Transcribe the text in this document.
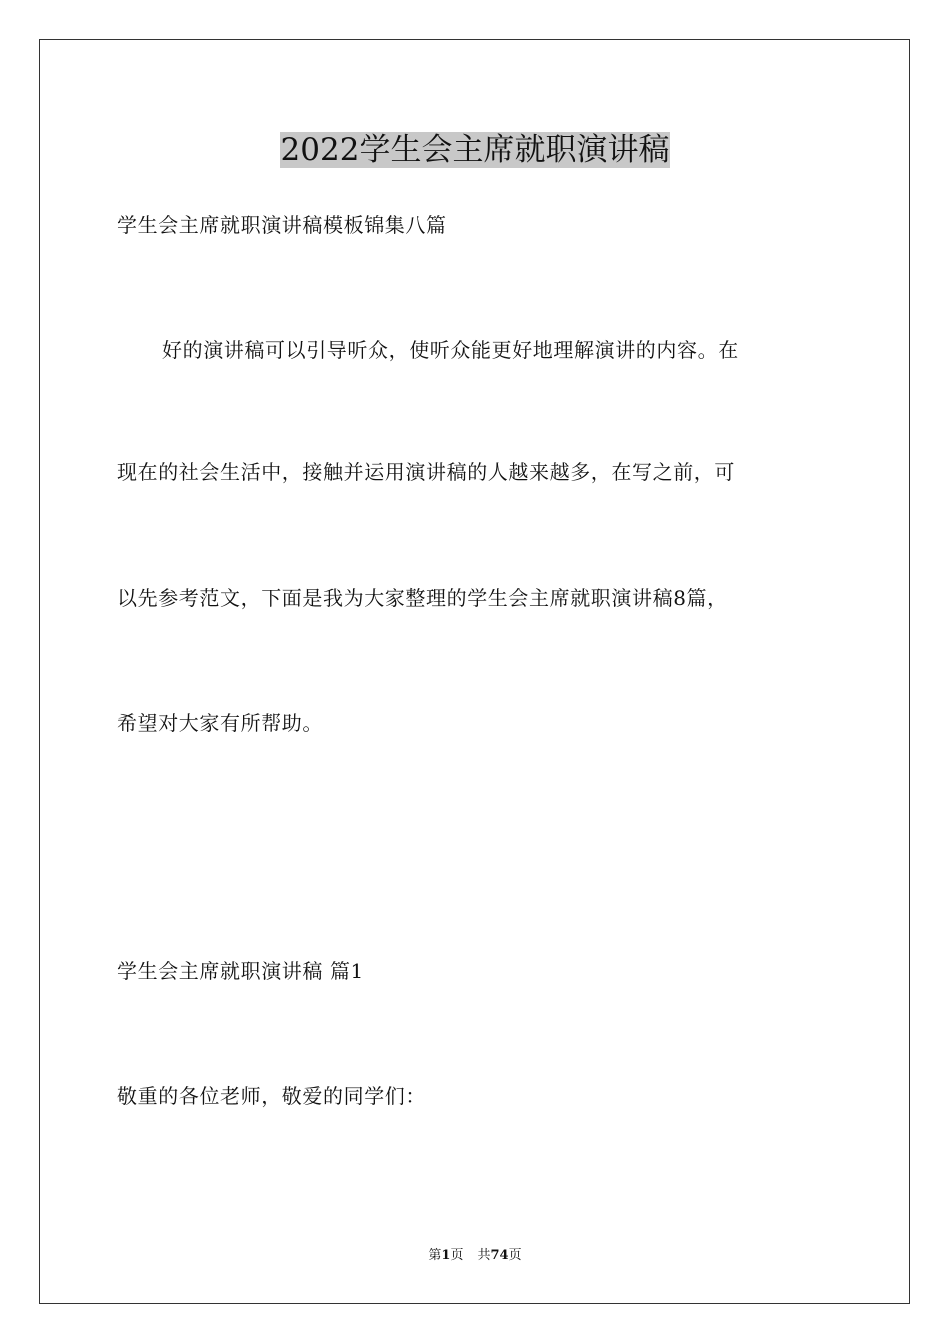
2022学生会主席就职演讲稿

学生会主席就职演讲稿模板锦集八篇

好的演讲稿可以引导听众，使听众能更好地理解演讲的内容。在

现在的社会生活中，接触并运用演讲稿的人越来越多，在写之前，可

以先参考范文，下面是我为大家整理的学生会主席就职演讲稿8篇，

希望对大家有所帮助。

学生会主席就职演讲稿 篇1

敬重的各位老师，敬爱的同学们：

第1页 共74页
